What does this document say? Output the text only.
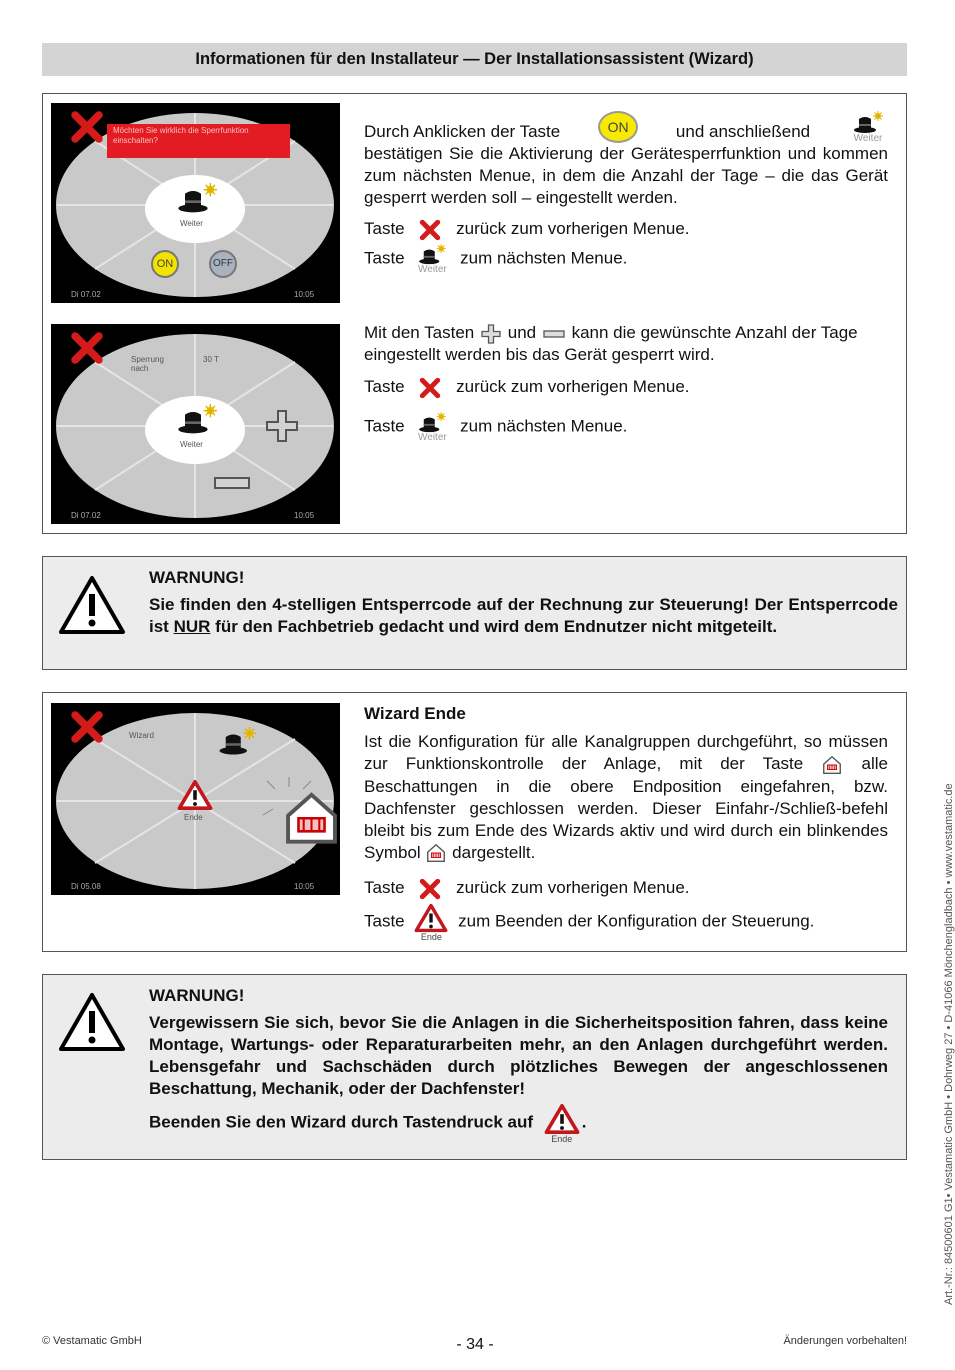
Informationen für den Installateur — Der Installationsassistent (Wizard)
Möchten Sie wirklich die Sperrfunktion einschalten?
Weiter
ON	OFF
Di 07.02	10:05
Durch Anklicken der Taste	ON	und anschließend	Weiter
bestätigen Sie die Aktivierung der Gerätesperrfunktion und kommen zum nächsten Menue, in dem die Anzahl der Tage – die das Gerät gesperrt werden soll – eingestellt werden.
Taste	zurück zum vorherigen Menue.
Taste
Weiter
zum nächsten Menue.
Sperrung nach
30 T
Weiter
Di 07.02	10:05
Mit den Tasten und kann die gewünschte Anzahl der Tage
eingestellt werden bis das Gerät gesperrt wird.
Taste	zurück zum vorherigen Menue.
Taste
Weiter
zum nächsten Menue.
WARNUNG!
Sie finden den 4-stelligen Entsperrcode auf der Rechnung zur Steuerung! Der Entsperrcode ist NUR für den Fachbetrieb gedacht und wird dem Endnutzer nicht mitgeteilt.
Wizard
Ende
Di 05.08	10:05
Wizard Ende
Ist die Konfiguration für alle Kanalgruppen durchgeführt, so müssen zur Funktionskontrolle der Anlage, mit der Taste	alle Beschattungen in die obere Endposition eingefahren, bzw. Dachfenster geschlossen werden. Dieser Einfahr-/Schließ-befehl bleibt bis zum Ende des Wizards aktiv und wird durch ein blinkendes Symbol dargestellt.
Taste	zurück zum vorherigen Menue.
Taste
Ende
zum Beenden der Konfiguration der Steuerung.
WARNUNG!
Vergewissern Sie sich, bevor Sie die Anlagen in die Sicherheitsposition fahren, dass keine Montage, Wartungs- oder Reparaturarbeiten mehr, an den Anlagen durchgeführt werden. Lebensgefahr und Sachschäden durch plötzliches Bewegen der angeschlossenen Beschattung, Mechanik, oder der Dachfenster!
Beenden Sie den Wizard durch Tastendruck auf
Ende
.
© Vestamatic GmbH	- 34 -	Änderungen vorbehalten!
Art.-Nr.: 84500601 G1• Vestamatic GmbH • Dohrweg 27 • D-41066 Mönchengladbach • www.vestamatic.de
